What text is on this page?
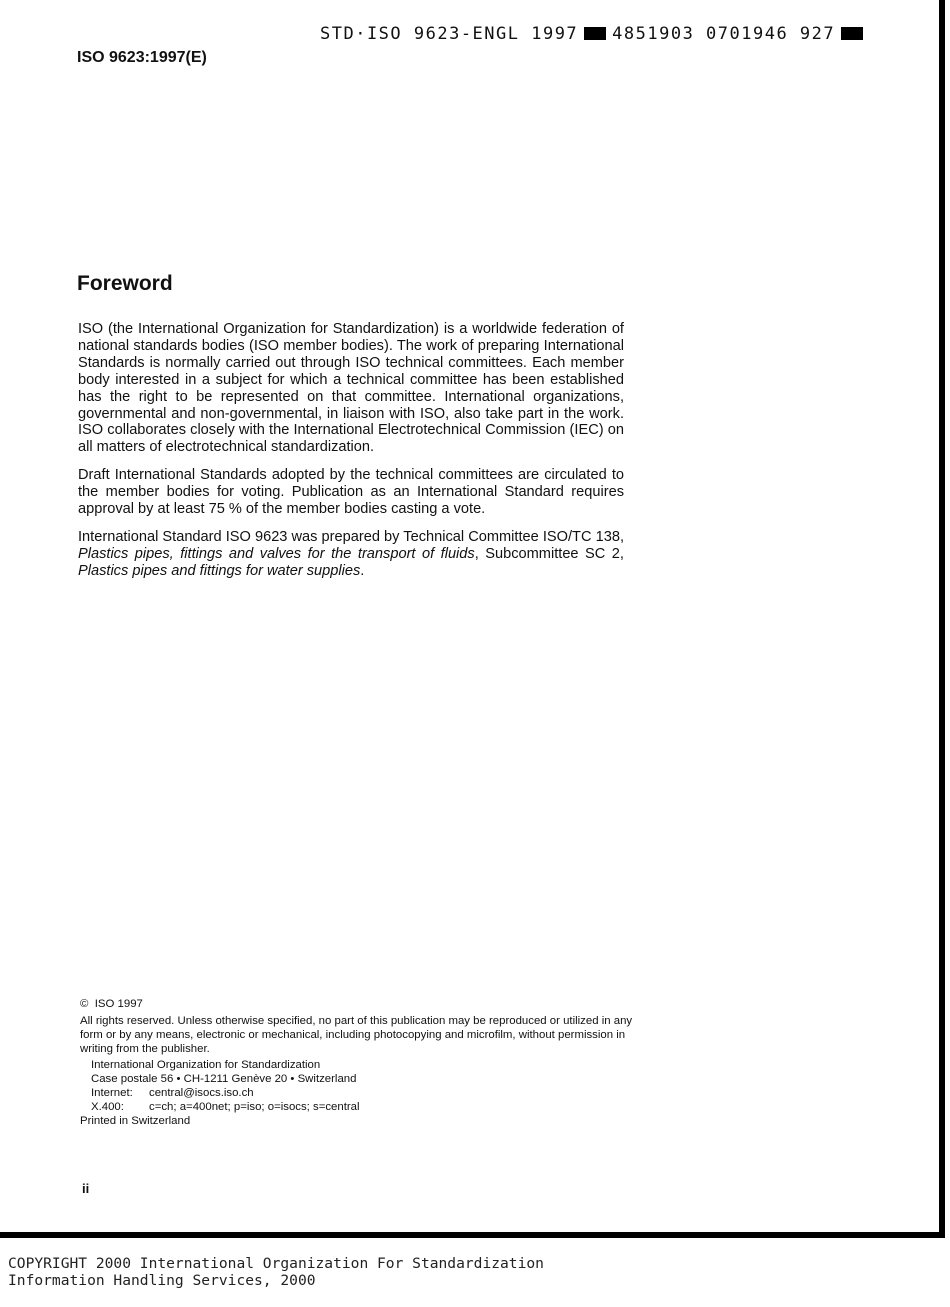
STD·ISO 9623-ENGL 1997 4851903 0701946 927
ISO 9623:1997(E)
Foreword

ISO (the International Organization for Standardization) is a worldwide federation of national standards bodies (ISO member bodies). The work of preparing International Standards is normally carried out through ISO technical committees. Each member body interested in a subject for which a technical committee has been established has the right to be represented on that committee. International organizations, governmental and non-governmental, in liaison with ISO, also take part in the work. ISO collaborates closely with the International Electrotechnical Commission (IEC) on all matters of electrotechnical standardization.

Draft International Standards adopted by the technical committees are circulated to the member bodies for voting. Publication as an International Standard requires approval by at least 75 % of the member bodies casting a vote.

International Standard ISO 9623 was prepared by Technical Committee ISO/TC 138, Plastics pipes, fittings and valves for the transport of fluids, Subcommittee SC 2, Plastics pipes and fittings for water supplies.

© ISO 1997
All rights reserved. Unless otherwise specified, no part of this publication may be reproduced or utilized in any form or by any means, electronic or mechanical, including photocopying and microfilm, without permission in writing from the publisher.
International Organization for Standardization
Case postale 56 • CH-1211 Genève 20 • Switzerland
Internet:	central@isocs.iso.ch
X.400:	c=ch; a=400net; p=iso; o=isocs; s=central
Printed in Switzerland
ii
COPYRIGHT 2000 International Organization For Standardization
Information Handling Services, 2000
